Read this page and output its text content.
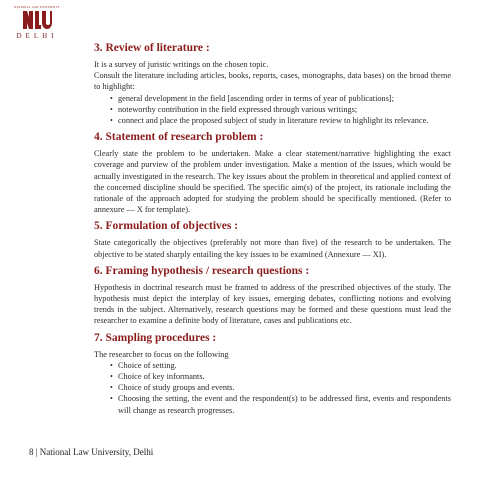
NATIONAL LAW UNIVERSITY
DELHI
3. Review of literature :

It is a survey of juristic writings on the chosen topic.

Consult the literature including articles, books, reports, cases, monographs, data bases) on the broad theme to highlight:

• general development in the field [ascending order in terms of year of publications];
• noteworthy contribution in the field expressed through various writings;
• connect and place the proposed subject of study in literature review to highlight its relevance.
4. Statement of research problem :

Clearly state the problem to be undertaken. Make a clear statement/narrative highlighting the exact coverage and purview of the problem under investigation. Make a mention of the issues, which would be actually investigated in the research. The key issues about the problem in theoretical and applied context of the concerned discipline should be specified. The specific aim(s) of the project, its rationale including the rationale of the approach adopted for studying the problem should be specifically mentioned. (Refer to annexure — X for template).

5. Formulation of objectives :

State categorically the objectives (preferably not more than five) of the research to be undertaken. The objective to be stated sharply entailing the key issues to be examined (Annexure — XI).

6. Framing hypothesis / research questions :

Hypothesis in doctrinal research must be framed to address of the prescribed objectives of the study. The hypothesis must depict the interplay of key issues, emerging debates, conflicting notions and evolving trends in the subject. Alternatively, research questions may be formed and these questions must lead the researcher to examine a definite body of literature, cases and publications etc.

7. Sampling procedures :

The researcher to focus on the following

• Choice of setting.
• Choice of key informants.
• Choice of study groups and events.
• Choosing the setting, the event and the respondent(s) to be addressed first, events and respondents will change as research progresses.
8 | National Law University, Delhi
